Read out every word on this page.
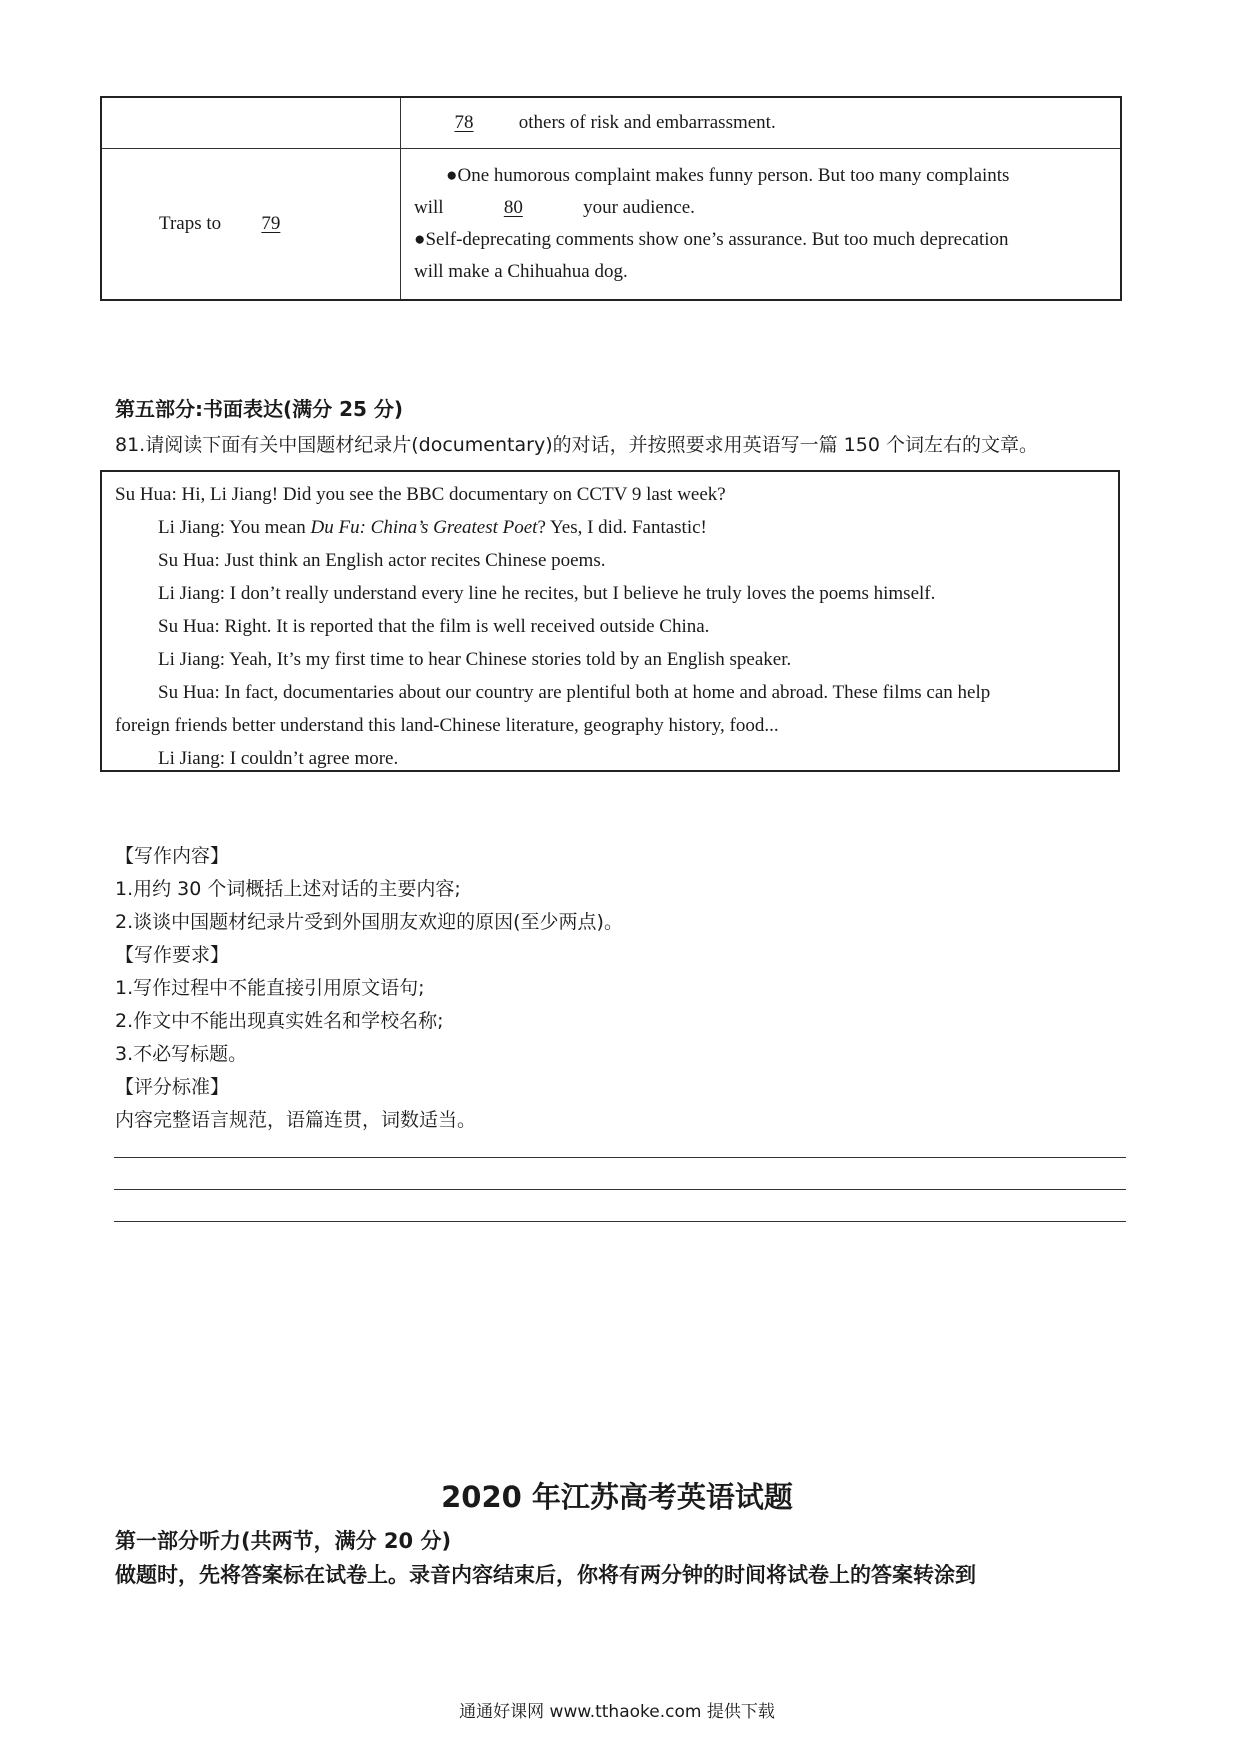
	78 others of risk and embarrassment.

Traps to 79	●One humorous complaint makes funny person. But too many complaints
will 80 your audience.
●Self-deprecating comments show one’s assurance. But too much deprecation
will make a Chihuahua dog.
第五部分:书面表达(满分 25 分)
81.请阅读下面有关中国题材纪录片(documentary)的对话，并按照要求用英语写一篇 150 个词左右的文章。

Su Hua: Hi, Li Jiang! Did you see the BBC documentary on CCTV 9 last week?

Li Jiang: You mean Du Fu: China’s Greatest Poet? Yes, I did. Fantastic!

Su Hua: Just think an English actor recites Chinese poems.

Li Jiang: I don’t really understand every line he recites, but I believe he truly loves the poems himself.

Su Hua: Right. It is reported that the film is well received outside China.

Li Jiang: Yeah, It’s my first time to hear Chinese stories told by an English speaker.

Su Hua: In fact, documentaries about our country are plentiful both at home and abroad. These films can help

foreign friends better understand this land-Chinese literature, geography history, food...

Li Jiang: I couldn’t agree more.

【写作内容】
1.用约 30 个词概括上述对话的主要内容;
2.谈谈中国题材纪录片受到外国朋友欢迎的原因(至少两点)。
【写作要求】
1.写作过程中不能直接引用原文语句;
2.作文中不能出现真实姓名和学校名称;
3.不必写标题。
【评分标准】
内容完整语言规范，语篇连贯，词数适当。
2020 年江苏高考英语试题
第一部分听力(共两节，满分 20 分)
做题时，先将答案标在试卷上。录音内容结束后，你将有两分钟的时间将试卷上的答案转涂到
通通好课网 www.tthaoke.com 提供下载
